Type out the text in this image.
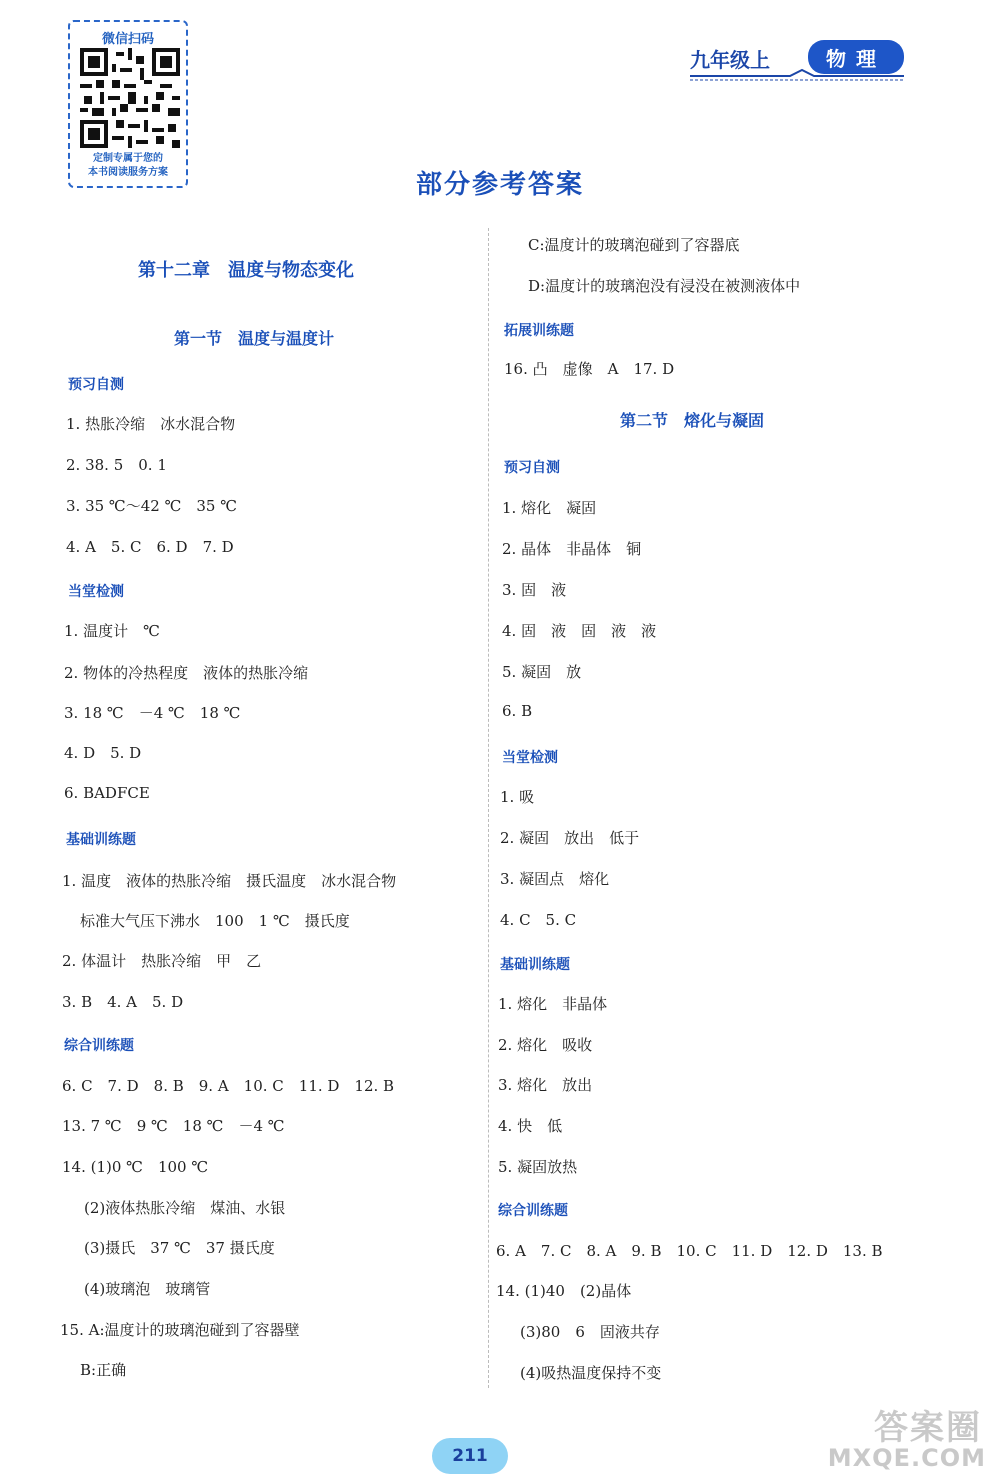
微信扫码
定制专属于您的
本书阅读服务方案
九年级上	物理
部分参考答案
第十二章　温度与物态变化
第一节　温度与温度计
预习自测
1. 热胀冷缩　冰水混合物
2. 38. 5　0. 1
3. 35 ℃～42 ℃　35 ℃
4. A　5. C　6. D　7. D
当堂检测
1. 温度计　℃
2. 物体的冷热程度　液体的热胀冷缩
3. 18 ℃　－4 ℃　18 ℃
4. D　5. D
6. BADFCE
基础训练题
1. 温度　液体的热胀冷缩　摄氏温度　冰水混合物
标准大气压下沸水　100　1 ℃　摄氏度
2. 体温计　热胀冷缩　甲　乙
3. B　4. A　5. D
综合训练题
6. C　7. D　8. B　9. A　10. C　11. D　12. B
13. 7 ℃　9 ℃　18 ℃　－4 ℃
14. (1)0 ℃　100 ℃
(2)液体热胀冷缩　煤油、水银
(3)摄氏　37 ℃　37 摄氏度
(4)玻璃泡　玻璃管
15. A:温度计的玻璃泡碰到了容器壁
B:正确
C:温度计的玻璃泡碰到了容器底
D:温度计的玻璃泡没有浸没在被测液体中
拓展训练题
16. 凸　虚像　A　17. D
第二节　熔化与凝固
预习自测
1. 熔化　凝固
2. 晶体　非晶体　铜
3. 固　液
4. 固　液　固　液　液
5. 凝固　放
6. B
当堂检测
1. 吸
2. 凝固　放出　低于
3. 凝固点　熔化
4. C　5. C
基础训练题
1. 熔化　非晶体
2. 熔化　吸收
3. 熔化　放出
4. 快　低
5. 凝固放热
综合训练题
6. A　7. C　8. A　9. B　10. C　11. D　12. D　13. B
14. (1)40　(2)晶体
(3)80　6　固液共存
(4)吸热温度保持不变
211
答案圈
MXQE.COM
